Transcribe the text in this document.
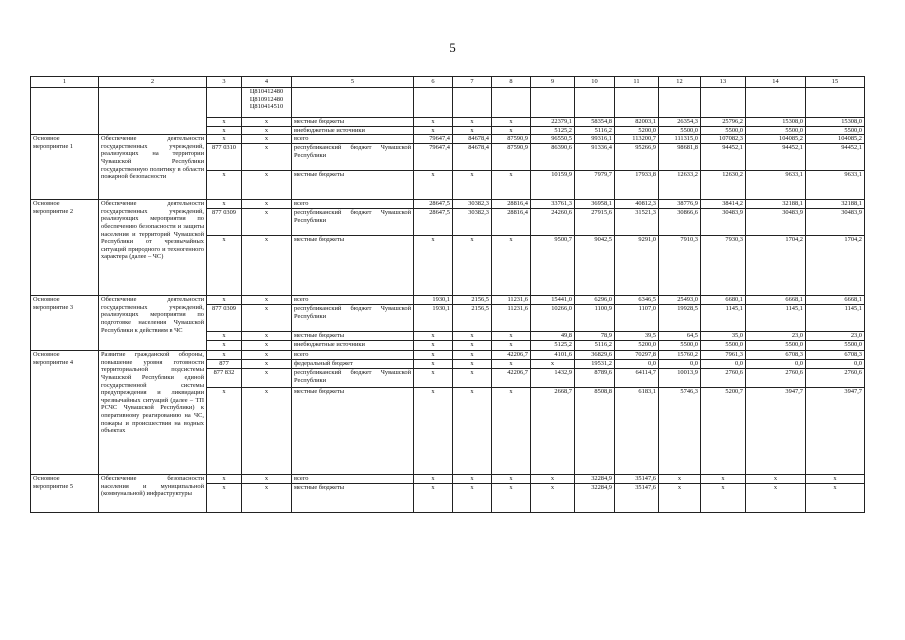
5
1	2	3	4	5	6	7	8	9	10	11	12	13	14	15

			Ц810412480
Ц810912480
Ц810414510											

		x	x	местные бюджеты	x	x	x	22379,1	58354,8	82003,1	26354,3	25796,2	15308,0	15308,0
		x	x	внебюджетные источники	x	x	x	5125,2	5116,2	5200,0	5500,0	5500,0	5500,0	5500,0
Основное мероприятие 1	Обеспечение деятельности государственных учреждений, реализующих на территории Чувашской Республики государственную политику в области пожарной безопасности	x	x	всего	79647,4	84678,4	87590,9	96550,5	99316,1	113200,7	111315,0	107082,3	104085,2	104085,2
		877 0310	x	республиканский бюджет Чувашской Республики	79647,4	84678,4	87590,9	86390,6	91336,4	95266,9	98681,8	94452,1	94452,1	94452,1
		x	x	местные бюджеты	x	x	x	10159,9	7979,7	17933,8	12633,2	12630,2	9633,1	9633,1
Основное мероприятие 2	Обеспечение деятельности государственных учреждений, реализующих мероприятия по обеспечению безопасности и защиты населения и территорий Чувашской Республики от чрезвычайных ситуаций природного и техногенного характера (далее – ЧС)	x	x	всего	28647,5	30382,3	28816,4	33761,3	36958,1	40812,3	38776,9	38414,2	32188,1	32188,1
		877 0309	x	республиканский бюджет Чувашской Республики	28647,5	30382,3	28816,4	24260,6	27915,6	31521,3	30866,6	30483,9	30483,9	30483,9
		x	x	местные бюджеты	x	x	x	9500,7	9042,5	9291,0	7910,3	7930,3	1704,2	1704,2
Основное мероприятие 3	Обеспечение деятельности государственных учреждений, реализующих мероприятия по подготовке населения Чувашской Республики к действиям в ЧС	x	x	всего	1930,1	2156,5	11231,6	15441,0	6296,0	6346,5	25493,0	6680,1	6668,1	6668,1
		877 0309	x	республиканский бюджет Чувашской Республики	1930,1	2156,5	11231,6	10266,0	1100,9	1107,0	19928,5	1145,1	1145,1	1145,1
		x	x	местные бюджеты	x	x	x	49,8	78,9	39,5	64,5	35,0	23,0	23,0
		x	x	внебюджетные источники	x	x	x	5125,2	5116,2	5200,0	5500,0	5500,0	5500,0	5500,0
Основное мероприятие 4	Развитие гражданской обороны, повышение уровня готовности территориальной подсистемы Чувашской Республики единой государственной системы предупреждения и ликвидации чрезвычайных ситуаций (далее – ТП РСЧС Чувашской Республики) к оперативному реагированию на ЧС, пожары и происшествия на водных объектах	x	x	всего	x	x	42206,7	4101,6	36829,6	70297,8	15760,2	7961,3	6708,3	6708,3
		877	x	федеральный бюджет	x	x	x	x	19531,2	0,0	0,0	0,0	0,0	0,0
		877 832	x	республиканский бюджет Чувашской Республики	x	x	42206,7	1432,9	8789,6	64114,7	10013,9	2760,6	2760,6	2760,6
		x	x	местные бюджеты	x	x	x	2668,7	8508,8	6183,1	5746,3	5200,7	3947,7	3947,7
Основное мероприятие 5	Обеспечение безопасности населения и муниципальной (коммунальной) инфраструктуры	x	x	всего	x	x	x	x	32284,9	35147,6	x	x	x	x
		x	x	местные бюджеты	x	x	x	x	32284,9	35147,6	x	x	x	x
